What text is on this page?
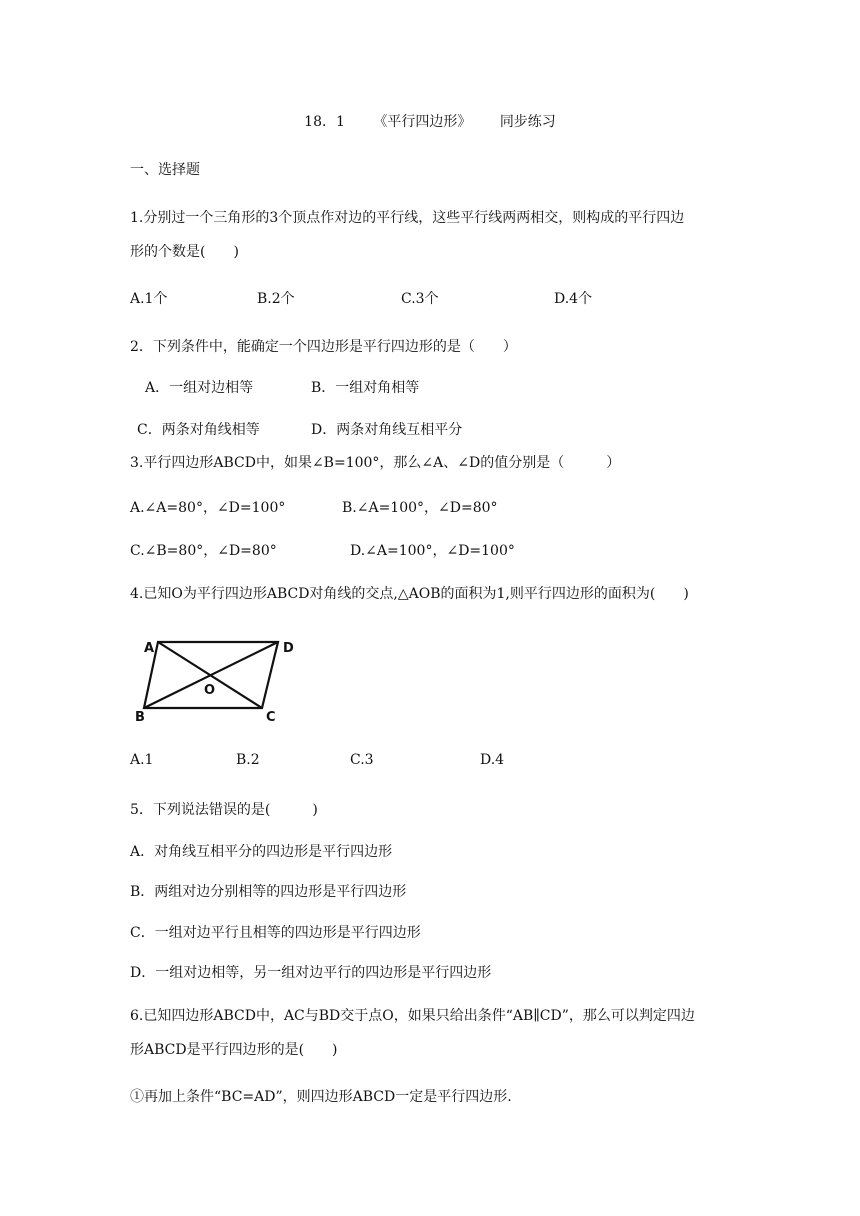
18．1 《平行四边形》 同步练习
一、选择题
1.分别过一个三角形的3个顶点作对边的平行线，这些平行线两两相交，则构成的平行四边
形的个数是(　　)
A.1个	B.2个	C.3个	D.4个
2．下列条件中，能确定一个四边形是平行四边形的是（　　）
A．一组对边相等	B．一组对角相等
C．两条对角线相等	D．两条对角线互相平分
3.平行四边形ABCD中，如果∠B=100°，那么∠A、∠D的值分别是（　　　）
A.∠A=80°，∠D=100°	B.∠A=100°，∠D=80°
C.∠B=80°，∠D=80°	D.∠A=100°，∠D=100°
4.已知O为平行四边形ABCD对角线的交点,△AOB的面积为1,则平行四边形的面积为(　　)
A	D
B	C
O
A.1	B.2	C.3	D.4
5．下列说法错误的是(　　　)
A．对角线互相平分的四边形是平行四边形
B．两组对边分别相等的四边形是平行四边形
C．一组对边平行且相等的四边形是平行四边形
D．一组对边相等，另一组对边平行的四边形是平行四边形
6.已知四边形ABCD中，AC与BD交于点O，如果只给出条件“AB∥CD”，那么可以判定四边
形ABCD是平行四边形的是(　　)
①再加上条件“BC=AD”，则四边形ABCD一定是平行四边形.
